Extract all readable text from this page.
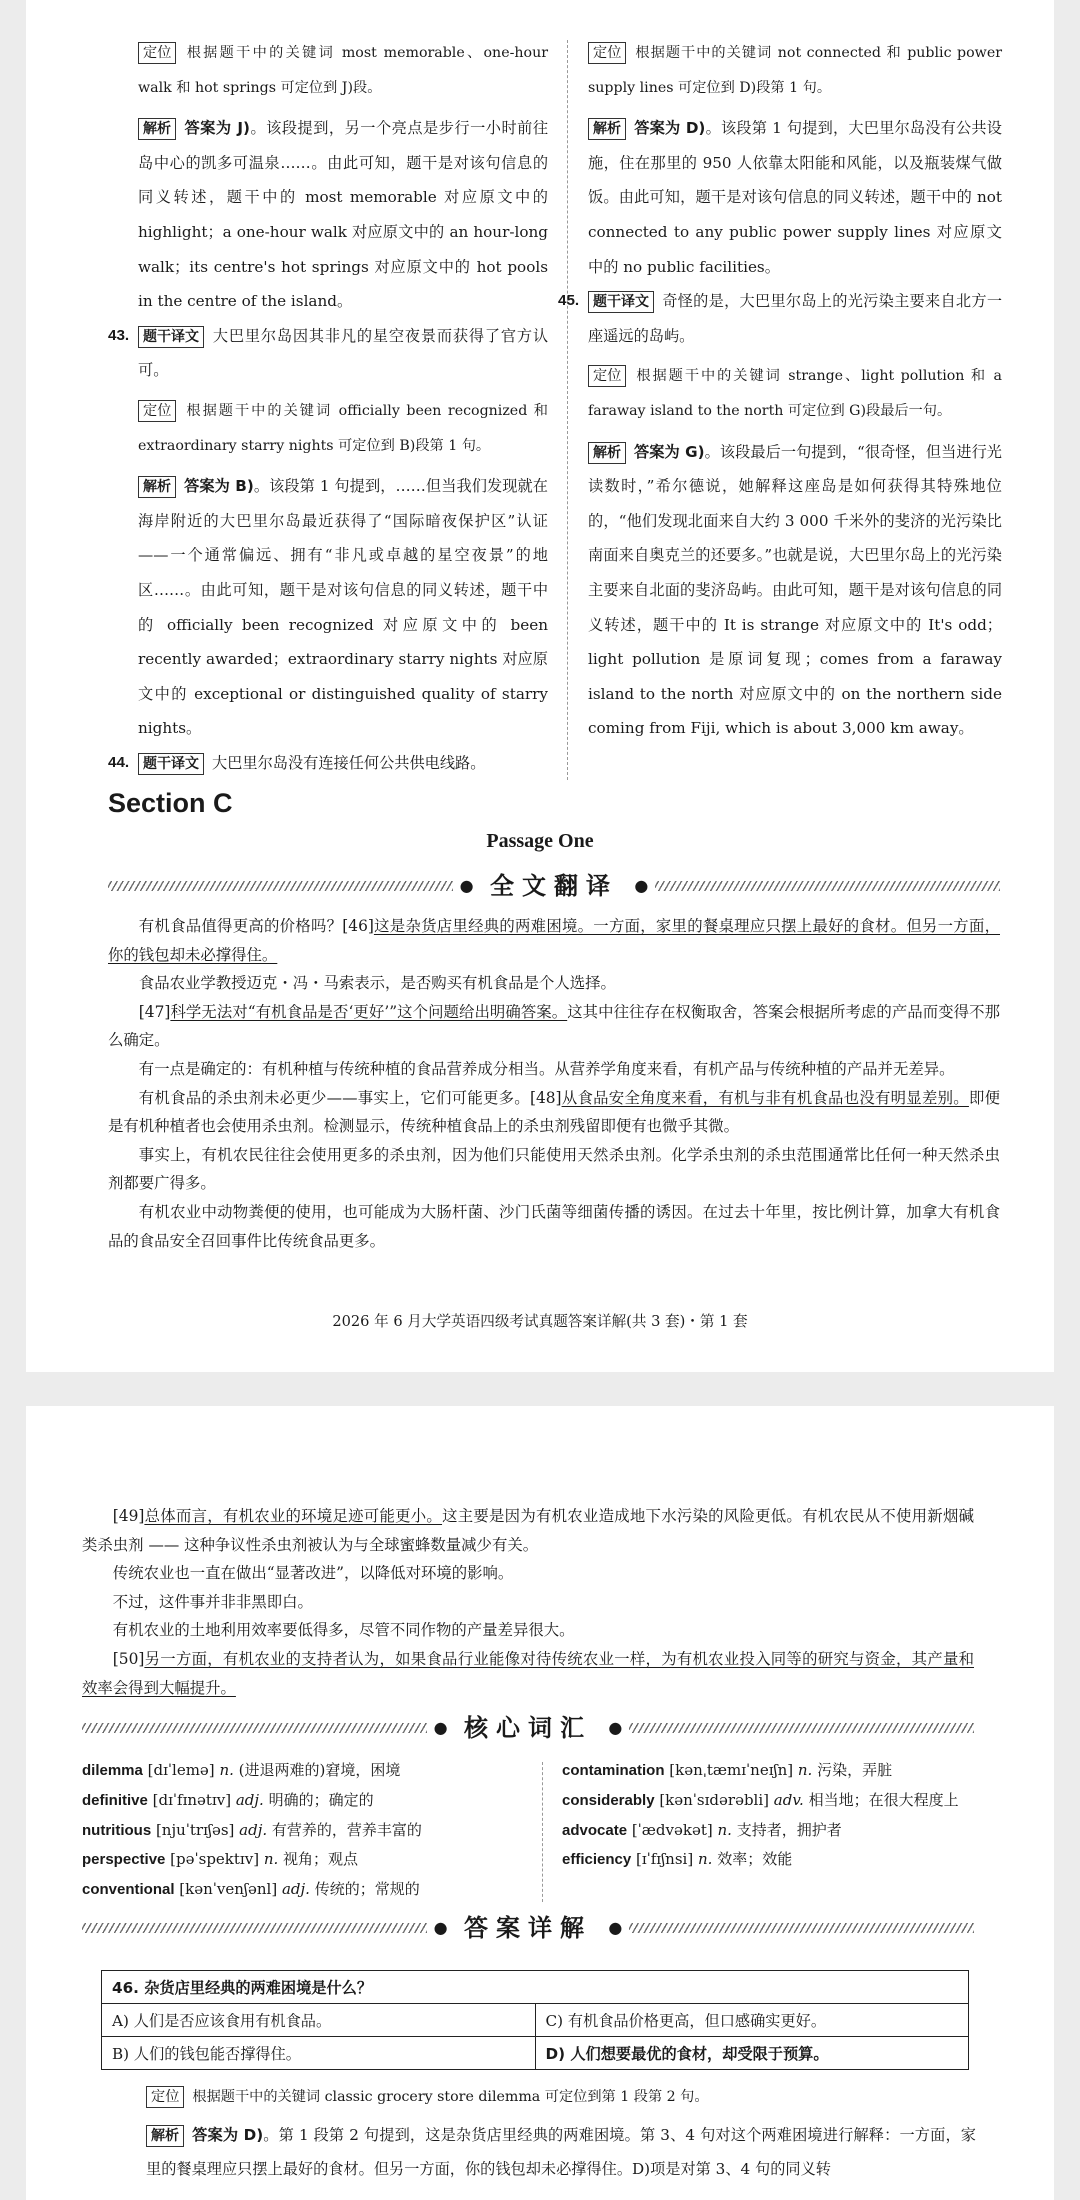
定位 根据题干中的关键词 most memorable、one-hour walk 和 hot springs 可定位到 J)段。
解析 答案为 J)。该段提到，另一个亮点是步行一小时前往岛中心的凯多可温泉……。由此可知，题干是对该句信息的同义转述，题干中的 most memorable 对应原文中的 highlight；a one-hour walk 对应原文中的 an hour-long walk；its centre's hot springs 对应原文中的 hot pools in the centre of the island。
43. 题干译文 大巴里尔岛因其非凡的星空夜景而获得了官方认可。
定位 根据题干中的关键词 officially been recognized 和 extraordinary starry nights 可定位到 B)段第 1 句。
解析 答案为 B)。该段第 1 句提到，……但当我们发现就在海岸附近的大巴里尔岛最近获得了“国际暗夜保护区”认证——一个通常偏远、拥有“非凡或卓越的星空夜景”的地区……。由此可知，题干是对该句信息的同义转述，题干中的 officially been recognized 对应原文中的 been recently awarded；extraordinary starry nights 对应原文中的 exceptional or distinguished quality of starry nights。
44. 题干译文 大巴里尔岛没有连接任何公共供电线路。
定位 根据题干中的关键词 not connected 和 public power supply lines 可定位到 D)段第 1 句。
解析 答案为 D)。该段第 1 句提到，大巴里尔岛没有公共设施，住在那里的 950 人依靠太阳能和风能，以及瓶装煤气做饭。由此可知，题干是对该句信息的同义转述，题干中的 not connected to any public power supply lines 对应原文中的 no public facilities。
45. 题干译文 奇怪的是，大巴里尔岛上的光污染主要来自北方一座遥远的岛屿。
定位 根据题干中的关键词 strange、light pollution 和 a faraway island to the north 可定位到 G)段最后一句。
解析 答案为 G)。该段最后一句提到，“很奇怪，但当进行光读数时，”希尔德说，她解释这座岛是如何获得其特殊地位的，“他们发现北面来自大约 3 000 千米外的斐济的光污染比南面来自奥克兰的还要多。”也就是说，大巴里尔岛上的光污染主要来自北面的斐济岛屿。由此可知，题干是对该句信息的同义转述，题干中的 It is strange 对应原文中的 It's odd；light pollution 是原词复现；comes from a faraway island to the north 对应原文中的 on the northern side coming from Fiji, which is about 3,000 km away。
Section C
Passage One
● 全文翻译 ●

有机食品值得更高的价格吗？[46]这是杂货店里经典的两难困境。一方面，家里的餐桌理应只摆上最好的食材。但另一方面，你的钱包却未必撑得住。

食品农业学教授迈克・冯・马索表示，是否购买有机食品是个人选择。

[47]科学无法对“有机食品是否‘更好’”这个问题给出明确答案。这其中往往存在权衡取舍，答案会根据所考虑的产品而变得不那么确定。

有一点是确定的：有机种植与传统种植的食品营养成分相当。从营养学角度来看，有机产品与传统种植的产品并无差异。

有机食品的杀虫剂未必更少——事实上，它们可能更多。[48]从食品安全角度来看，有机与非有机食品也没有明显差别。即便是有机种植者也会使用杀虫剂。检测显示，传统种植食品上的杀虫剂残留即便有也微乎其微。

事实上，有机农民往往会使用更多的杀虫剂，因为他们只能使用天然杀虫剂。化学杀虫剂的杀虫范围通常比任何一种天然杀虫剂都要广得多。

有机农业中动物粪便的使用，也可能成为大肠杆菌、沙门氏菌等细菌传播的诱因。在过去十年里，按比例计算，加拿大有机食品的食品安全召回事件比传统食品更多。

2026 年 6 月大学英语四级考试真题答案详解(共 3 套)・第 1 套

[49]总体而言，有机农业的环境足迹可能更小。这主要是因为有机农业造成地下水污染的风险更低。有机农民从不使用新烟碱类杀虫剂 —— 这种争议性杀虫剂被认为与全球蜜蜂数量减少有关。

传统农业也一直在做出“显著改进”，以降低对环境的影响。

不过，这件事并非非黑即白。

有机农业的土地利用效率要低得多，尽管不同作物的产量差异很大。

[50]另一方面，有机农业的支持者认为，如果食品行业能像对待传统农业一样，为有机农业投入同等的研究与资金，其产量和效率会得到大幅提升。

● 核心词汇 ●
dilemma [dɪˈlemə] n. (进退两难的)窘境，困境
definitive [dɪˈfɪnətɪv] adj. 明确的；确定的
nutritious [njuˈtrɪʃəs] adj. 有营养的，营养丰富的
perspective [pəˈspektɪv] n. 视角；观点
conventional [kənˈvenʃənl] adj. 传统的；常规的
contamination [kənˌtæmɪˈneɪʃn] n. 污染，弄脏
considerably [kənˈsɪdərəbli] adv. 相当地；在很大程度上
advocate [ˈædvəkət] n. 支持者，拥护者
efficiency [ɪˈfɪʃnsi] n. 效率；效能
● 答案详解 ●
46. 杂货店里经典的两难困境是什么？	
A) 人们是否应该食用有机食品。	C) 有机食品价格更高，但口感确实更好。
B) 人们的钱包能否撑得住。	D) 人们想要最优的食材，却受限于预算。

定位 根据题干中的关键词 classic grocery store dilemma 可定位到第 1 段第 2 句。

解析 答案为 D)。第 1 段第 2 句提到，这是杂货店里经典的两难困境。第 3、4 句对这个两难困境进行解释：一方面，家里的餐桌理应只摆上最好的食材。但另一方面，你的钱包却未必撑得住。D)项是对第 3、4 句的同义转
